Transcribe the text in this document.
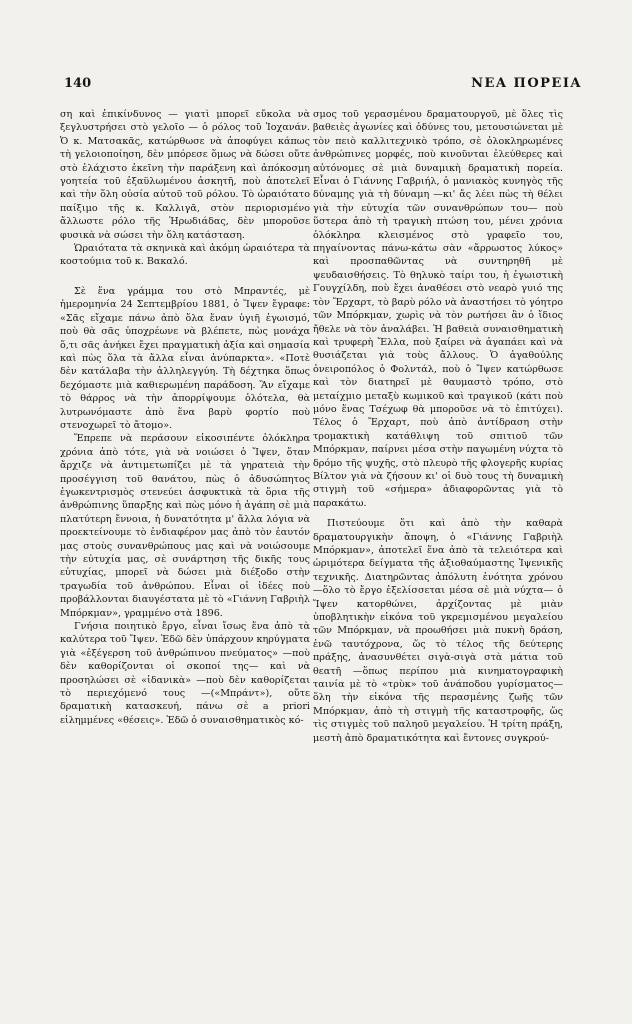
140	ΝΕΑ ΠΟΡΕΙΑ

ση καὶ ἐπικίνδυνος — γιατὶ μπορεῖ εὔκολα νὰ ξεγλυστρήσει στὸ γελοῖο — ὁ ρόλος τοῦ Ἰοχανάν. Ὁ κ. Ματσακᾶς, κατώρθωσε νὰ ἀποφύγει κάπως τὴ γελοιοποίηση, δὲν μπόρεσε ὅμως νὰ δώσει οὔτε στὸ ἐλάχιστο ἐκεῖνη τὴν παράξενη καὶ ἀπόκοσμη γοητεία τοῦ ἐξαϋλωμένου ἀσκητῆ, ποὺ ἀποτελεῖ καὶ τὴν ὅλη οὐσία αὐτοῦ τοῦ ρόλου. Τὸ ὡραιότατο παίξιμο τῆς κ. Καλλιγᾶ, στὸν περιορισμένο ἄλλωστε ρόλο τῆς Ἡρωδιάδας, δὲν μποροῦσε φυσικὰ νὰ σώσει τὴν ὅλη κατάσταση.

Ὡραιότατα τὰ σκηνικὰ καὶ ἀκόμη ὡραιότερα τὰ κοστούμια τοῦ κ. Βακαλό.

Σὲ ἕνα γράμμα του στὸ Μπραντές, μὲ ἡμερομηνία 24 Σεπτεμβρίου 1881, ὁ Ἴψεν ἔγραφε: «Σᾶς εἴχαμε πάνω ἀπὸ ὅλα ἕναν ὑγιῆ ἐγωισμό, ποὺ θὰ σᾶς ὑποχρέωνε νὰ βλέπετε, πὼς μονάχα ὅ,τι σᾶς ἀνήκει ἔχει πραγματικὴ ἀξία καὶ σημασία καὶ πὼς ὅλα τὰ ἄλλα εἶναι ἀνύπαρκτα». «Ποτὲ δὲν κατάλαβα τὴν ἀλληλεγγύη. Τὴ δέχτηκα ὅπως δεχόμαστε μιὰ καθιερωμένη παράδοση. Ἂν εἴχαμε τὸ θάρρος νὰ τὴν ἀπορρίψουμε ὁλότελα, θὰ λυτρωνόμαστε ἀπὸ ἕνα βαρὺ φορτίο ποὺ στενοχωρεῖ τὸ ἄτομο».

Ἔπρεπε νὰ περάσουν εἰκοσιπέντε ὁλόκληρα χρόνια ἀπὸ τότε, γιὰ νὰ νοιώσει ὁ Ἴψεν, ὅταν ἄρχιζε νὰ ἀντιμετωπίζει μὲ τὰ γηρατειὰ τὴν προσέγγιση τοῦ θανάτου, πὼς ὁ ἀδυσώπητος ἐγωκεντρισμὸς στενεύει ἀσφυκτικὰ τὰ ὅρια τῆς ἀνθρώπινης ὕπαρξης καὶ πὼς μόνο ἡ ἀγάπη σὲ μιὰ πλατύτερη ἔννοια, ἡ δυνατότητα μ' ἄλλα λόγια νὰ προεκτείνουμε τὸ ἐνδιαφέρον μας ἀπὸ τὸν ἑαυτόν μας στοὺς συνανθρώπους μας καὶ νὰ νοιώσουμε τὴν εὐτυχία μας, σὲ συνάρτηση τῆς δικῆς τους εὐτυχίας, μπορεῖ νὰ δώσει μιὰ διέξοδο στὴν τραγωδία τοῦ ἀνθρώπου. Εἶναι οἱ ἰδέες ποὺ προβάλλονται διαυγέστατα μὲ τὸ «Γιάννη Γαβριὴλ Μπόρκμαν», γραμμένο στὰ 1896.

Γνήσια ποιητικὸ ἔργο, εἶναι ἴσως ἕνα ἀπὸ τὰ καλύτερα τοῦ Ἴψεν. Ἐδῶ δὲν ὑπάρχουν κηρύγματα γιὰ «ἐξέγερση τοῦ ἀνθρώπινου πνεύματος» —ποὺ δὲν καθορίζονται οἱ σκοποί της— καὶ νὰ προσηλώσει σὲ «ἰδανικὰ» —ποὺ δὲν καθορίζεται τὸ περιεχόμενό τους —(«Μπράντ»), οὔτε δραματικὴ κατασκευή, πάνω σὲ a priori εἰλημμένες «θέσεις». Ἐδῶ ὁ συναισθηματικὸς κό-

σμος τοῦ γερασμένου δραματουργοῦ, μὲ ὅλες τὶς βαθειὲς ἀγωνίες καὶ ὀδύνες του, μετουσιώνεται μὲ τὸν πειὸ καλλιτεχνικὸ τρόπο, σὲ ὁλοκληρωμένες ἀνθρώπινες μορφές, ποὺ κινοῦνται ἐλεύθερες καὶ αὐτόνομες σὲ μιὰ δυναμικὴ δραματικὴ πορεία. Εἶναι ὁ Γιάννης Γαβριήλ, ὁ μανιακὸς κυνηγὸς τῆς δύναμης γιὰ τὴ δύναμη —κι' ἄς λέει πὼς τὴ θέλει γιὰ τὴν εὐτυχία τῶν συνανθρώπων του— ποὺ ὕστερα ἀπὸ τὴ τραγικὴ πτώση του, μένει χρόνια ὁλόκληρα κλεισμένος στὸ γραφεῖο του, πηγαίνοντας πάνω-κάτω σὰν «ἄρρωστος λύκος» καὶ προσπαθῶντας νὰ συντηρηθῆ μὲ ψευδαισθήσεις. Τὸ θηλυκὸ ταίρι του, ἡ ἐγωιστικὴ Γουγχίλδη, ποὺ ἔχει ἀναθέσει στὸ νεαρὸ γυιό της τὸν Ἔρχαρτ, τὸ βαρὺ ρόλο νὰ ἀναστήσει τὸ γόητρο τῶν Μπόρκμαν, χωρὶς νὰ τὸν ρωτήσει ἂν ὁ ἴδιος ἤθελε νὰ τὸν ἀναλάβει. Ἡ βαθειὰ συναισθηματικὴ καὶ τρυφερὴ Ἔλλα, ποὺ ξαίρει νὰ ἀγαπάει καὶ νὰ θυσιάζεται γιὰ τοὺς ἄλλους. Ὁ ἀγαθούλης ὀνειροπόλος ὁ Φολντάλ, ποὺ ὁ Ἴψεν κατώρθωσε καὶ τὸν διατηρεῖ μὲ θαυμαστὸ τρόπο, στὸ μεταίχμιο μεταξὺ κωμικοῦ καὶ τραγικοῦ (κάτι ποὺ μόνο ἕνας Τσέχωφ θὰ μποροῦσε νὰ τὸ ἐπιτύχει). Τέλος ὁ Ἔρχαρτ, ποὺ ἀπὸ ἀντίδραση στὴν τρομακτικὴ κατάθλιψη τοῦ σπιτιοῦ τῶν Μπόρκμαν, παίρνει μέσα στὴν παγωμένη νύχτα τὸ δρόμο τῆς ψυχῆς, στὸ πλευρὸ τῆς φλογερῆς κυρίας Βίλτον γιὰ νὰ ζήσουν κι' οἱ δυὸ τους τὴ δυναμικὴ στιγμὴ τοῦ «σήμερα» ἀδιαφορῶντας γιὰ τὸ παρακάτω.

Πιστεύουμε ὅτι καὶ ἀπὸ τὴν καθαρὰ δραματουργικὴν ἄποψη, ὁ «Γιάννης Γαβριὴλ Μπόρκμαν», ἀποτελεῖ ἕνα ἀπὸ τὰ τελειότερα καὶ ὡριμότερα δείγματα τῆς ἀξιοθαύμαστης Ἰψενικῆς τεχνικῆς. Διατηρῶντας ἀπόλυτη ἑνότητα χρόνου —ὅλο τὸ ἔργο ἐξελίσσεται μέσα σὲ μιὰ νύχτα— ὁ Ἴψεν κατορθώνει, ἀρχίζοντας μὲ μιὰν ὑποβλητικὴν εἰκόνα τοῦ γκρεμισμένου μεγαλείου τῶν Μπόρκμαν, νὰ προωθήσει μιὰ πυκνὴ δράση, ἐνῶ ταυτόχρονα, ὥς τὸ τέλος τῆς δεύτερης πράξης, ἀνασυνθέτει σιγὰ-σιγὰ στὰ μάτια τοῦ θεατῆ —ὅπως περίπου μιὰ κινηματογραφικὴ ταινία μὲ τὸ «τρὺκ» τοῦ ἀνάποδου γυρίσματος— ὅλη τὴν εἰκόνα τῆς περασμένης ζωῆς τῶν Μπόρκμαν, ἀπὸ τὴ στιγμὴ τῆς καταστροφῆς, ὥς τὶς στιγμὲς τοῦ παληοῦ μεγαλείου. Ἡ τρίτη πράξη, μεστὴ ἀπὸ δραματικότητα καὶ ἔντονες συγκρού-
